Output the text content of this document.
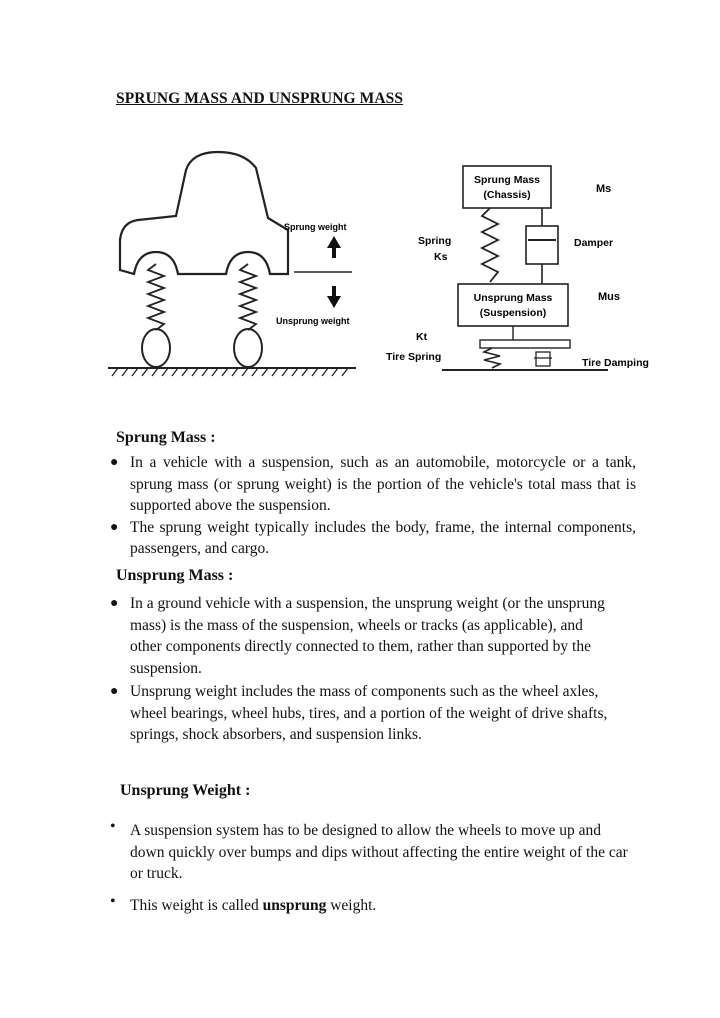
SPRUNG MASS AND UNSPRUNG MASS
Sprung weight
Unsprung weight
Sprung Mass
(Chassis)	Ms
Spring
Ks
Damper
Unsprung Mass
(Suspension)
Mus
Kt
Tire Spring	Tire Damping
Sprung Mass :
● In a vehicle with a suspension, such as an automobile, motorcycle or a tank, sprung mass (or sprung weight) is the portion of the vehicle's total mass that is supported above the suspension.
● The sprung weight typically includes the body, frame, the internal components, passengers, and cargo.
Unsprung Mass :
● In a ground vehicle with a suspension, the unsprung weight (or the unsprung mass) is the mass of the suspension, wheels or tracks (as applicable), and other components directly connected to them, rather than supported by the suspension.
● Unsprung weight includes the mass of components such as the wheel axles, wheel bearings, wheel hubs, tires, and a portion of the weight of drive shafts, springs, shock absorbers, and suspension links.
Unsprung Weight :
• A suspension system has to be designed to allow the wheels to move up and down quickly over bumps and dips without affecting the entire weight of the car or truck.
• This weight is called unsprung weight.
